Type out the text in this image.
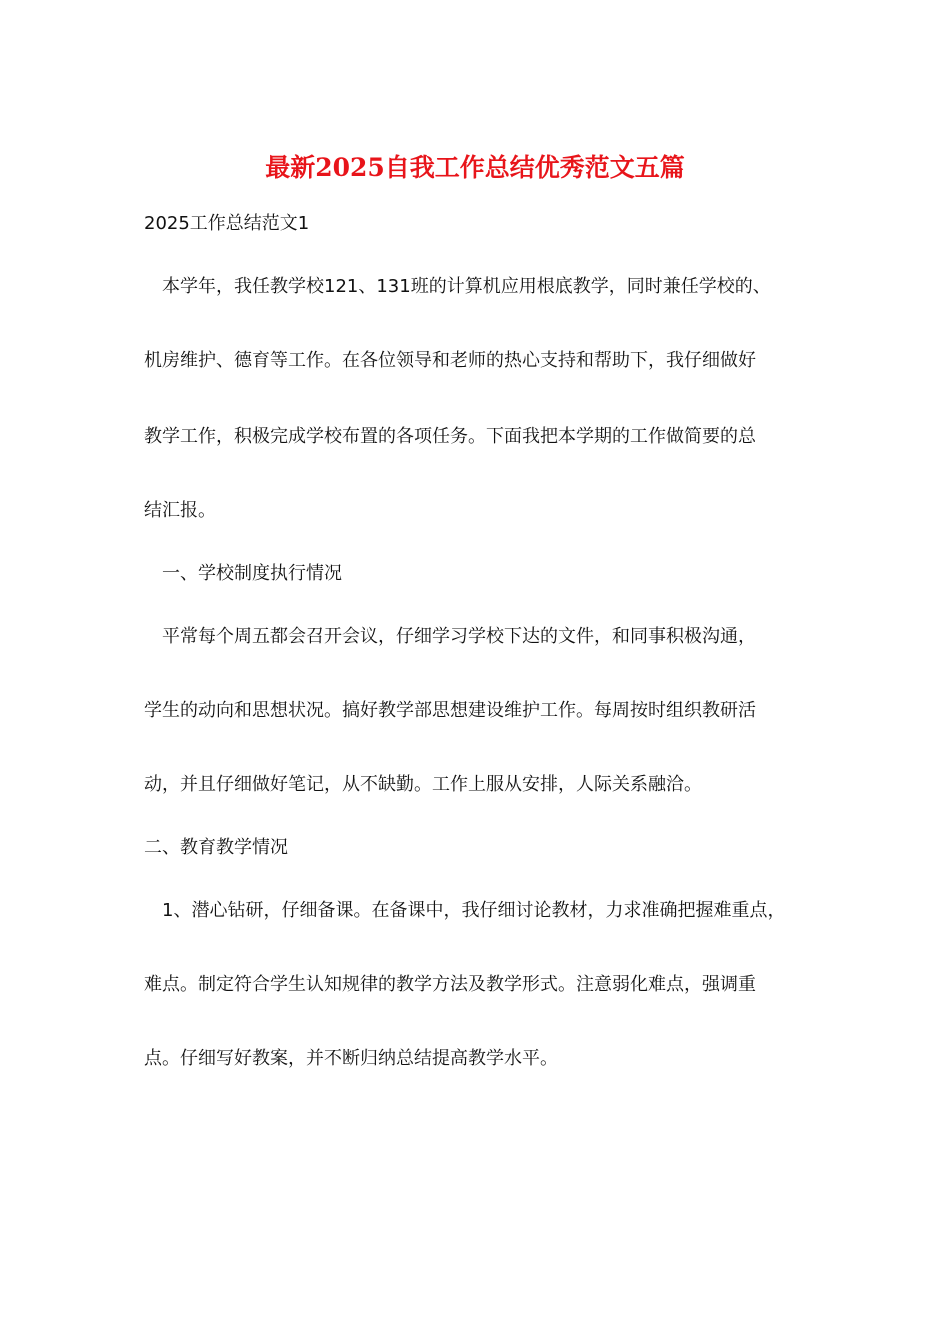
最新2025自我工作总结优秀范文五篇
2025工作总结范文1
本学年，我任教学校121、131班的计算机应用根底教学，同时兼任学校的、
机房维护、德育等工作。在各位领导和老师的热心支持和帮助下，我仔细做好
教学工作，积极完成学校布置的各项任务。下面我把本学期的工作做简要的总
结汇报。
一、学校制度执行情况
平常每个周五都会召开会议，仔细学习学校下达的文件，和同事积极沟通，
学生的动向和思想状况。搞好教学部思想建设维护工作。每周按时组织教研活
动，并且仔细做好笔记，从不缺勤。工作上服从安排，人际关系融洽。
二、教育教学情况
1、潜心钻研，仔细备课。在备课中，我仔细讨论教材，力求准确把握难重点，
难点。制定符合学生认知规律的教学方法及教学形式。注意弱化难点，强调重
点。仔细写好教案，并不断归纳总结提高教学水平。
